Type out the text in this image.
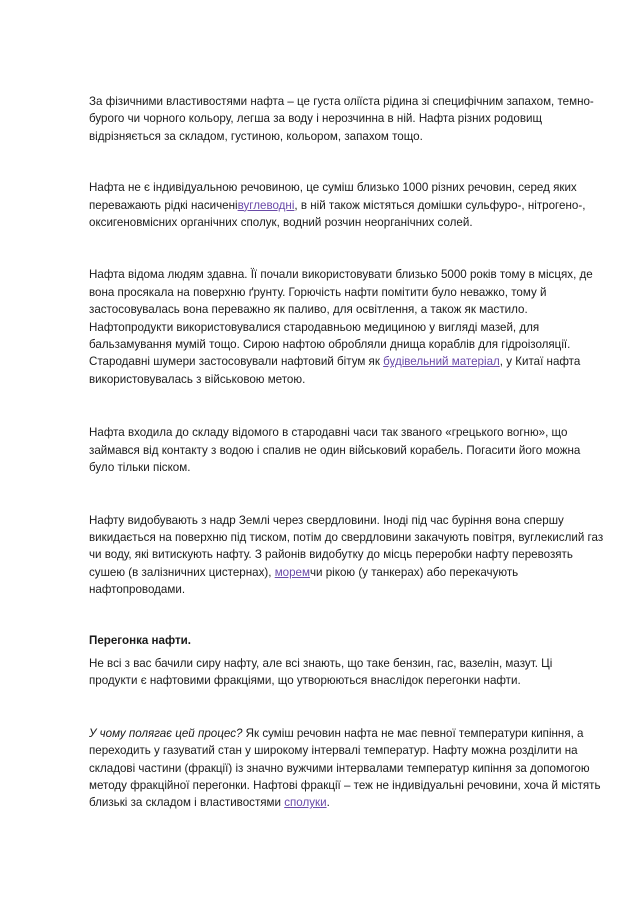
За фізичними властивостями нафта – це густа оліїста рідина зі специфічним запахом, темно-
бурого чи чорного кольору, легша за воду і нерозчинна в ній. Нафта різних родовищ
відрізняється за складом, густиною, кольором, запахом тощо.

Нафта не є індивідуальною речовиною, це суміш близько 1000 різних речовин, серед яких
переважають рідкі насиченівуглеводні, в ній також містяться домішки сульфуро-, нітрогено-,
оксигеновмісних органічних сполук, водний розчин неорганічних солей.

Нафта відома людям здавна. Її почали використовувати близько 5000 років тому в місцях, де
вона просякала на поверхню ґрунту. Горючість нафти помітити було неважко, тому й
застосовувалась вона переважно як паливо, для освітлення, а також як мастило.
Нафтопродукти використовувалися стародавньою медициною у вигляді мазей, для
бальзамування мумій тощо. Сирою нафтою обробляли днища кораблів для гідроізоляції.
Стародавні шумери застосовували нафтовий бітум як будівельний матеріал, у Китаї нафта
використовувалась з військовою метою.

Нафта входила до складу відомого в стародавні часи так званого «грецького вогню», що
займався від контакту з водою і спалив не один військовий корабель. Погасити його можна
було тільки піском.

Нафту видобувають з надр Землі через свердловини. Іноді під час буріння вона спершу
викидається на поверхню під тиском, потім до свердловини закачують повітря, вуглекислий газ
чи воду, які витискують нафту. З районів видобутку до місць переробки нафту перевозять
сушею (в залізничних цистернах), моремчи рікою (у танкерах) або перекачують
нафтопроводами.

Перегонка нафти.

Не всі з вас бачили сиру нафту, але всі знають, що таке бензин, гас, вазелін, мазут. Ці
продукти є нафтовими фракціями, що утворюються внаслідок перегонки нафти.

У чому полягає цей процес? Як суміш речовин нафта не має певної температури кипіння, а
переходить у газуватий стан у широкому інтервалі температур. Нафту можна розділити на
складові частини (фракції) із значно вужчими інтервалами температур кипіння за допомогою
методу фракційної перегонки. Нафтові фракції – теж не індивідуальні речовини, хоча й містять
близькі за складом і властивостями сполуки.
